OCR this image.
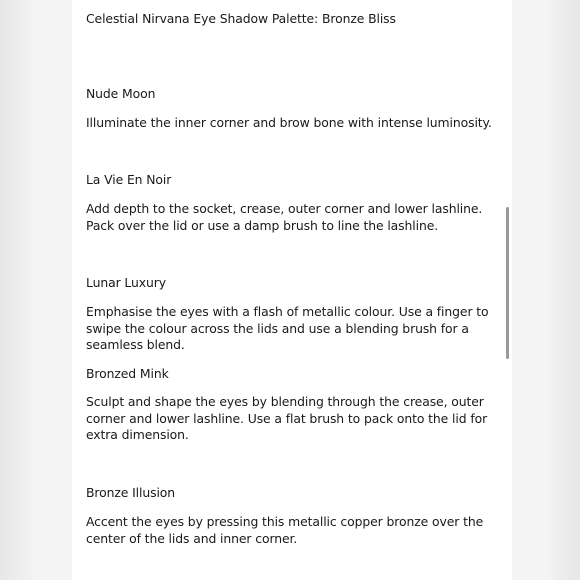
Celestial Nirvana Eye Shadow Palette: Bronze Bliss
Nude Moon
Illuminate the inner corner and brow bone with intense luminosity.
La Vie En Noir
Add depth to the socket, crease, outer corner and lower lashline. Pack over the lid or use a damp brush to line the lashline.
Lunar Luxury
Emphasise the eyes with a flash of metallic colour. Use a finger to swipe the colour across the lids and use a blending brush for a seamless blend.
Bronzed Mink
Sculpt and shape the eyes by blending through the crease, outer corner and lower lashline. Use a flat brush to pack onto the lid for extra dimension.
Bronze Illusion
Accent the eyes by pressing this metallic copper bronze over the center of the lids and inner corner.
